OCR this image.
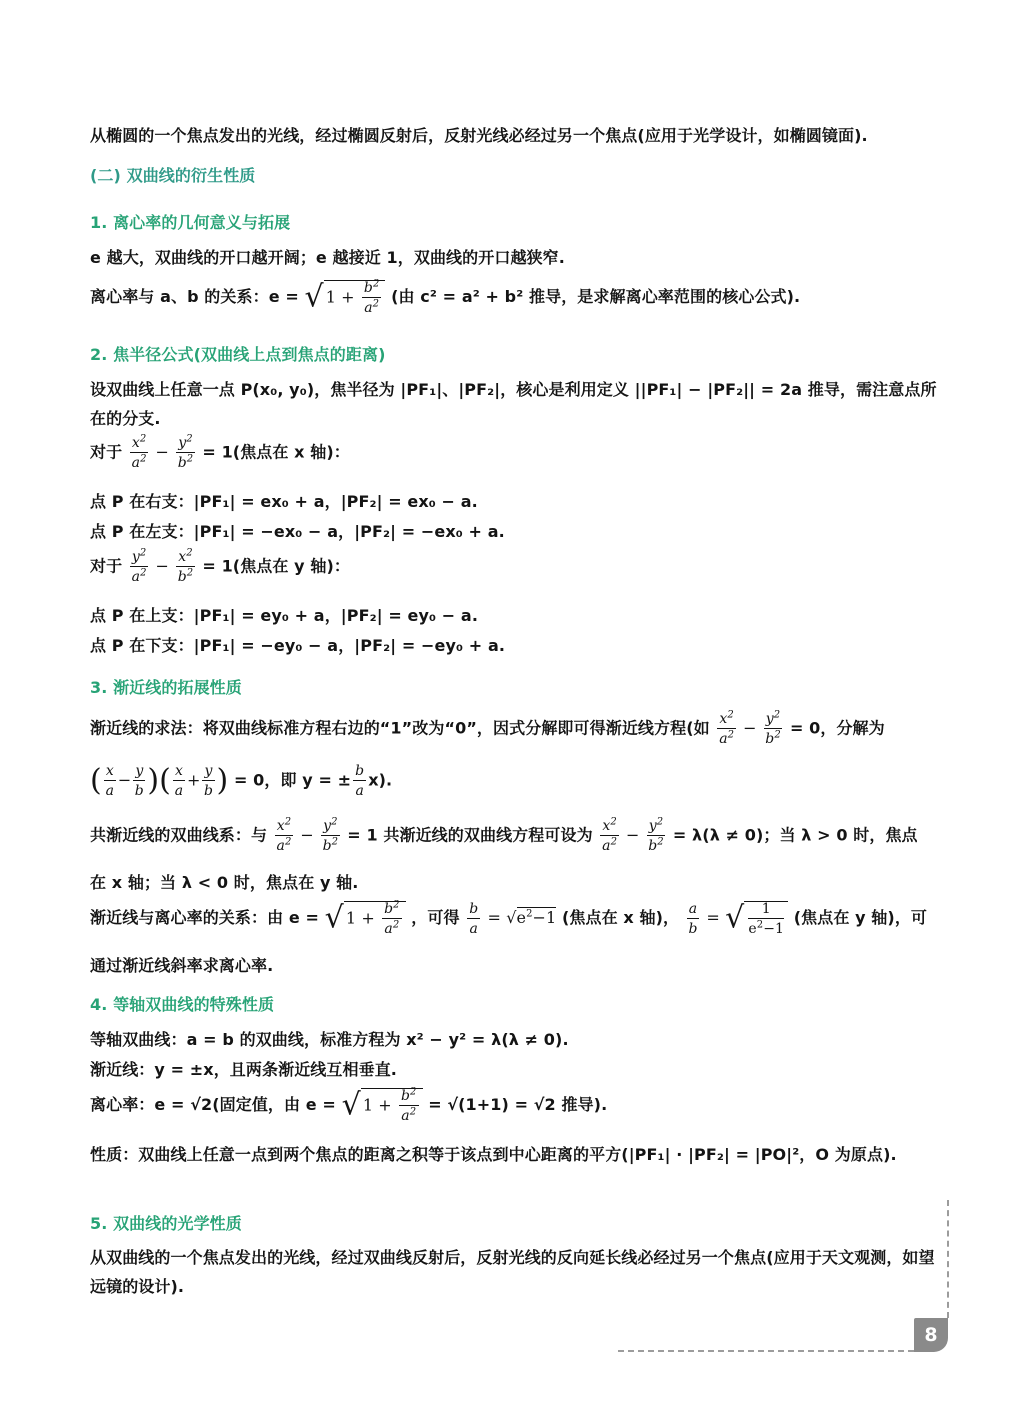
从椭圆的一个焦点发出的光线，经过椭圆反射后，反射光线必经过另一个焦点(应用于光学设计，如椭圆镜面).
(二) 双曲线的衍生性质
1. 离心率的几何意义与拓展
e 越大，双曲线的开口越开阔；e 越接近 1，双曲线的开口越狭窄.
离心率与 a、b 的关系：e = √ $1 + \frac{b^2}{a^2}$ (由 c² = a² + b² 推导，是求解离心率范围的核心公式).
2. 焦半径公式(双曲线上点到焦点的距离)
设双曲线上任意一点 P(x₀, y₀)，焦半径为 |PF₁|、|PF₂|，核心是利用定义 ||PF₁| − |PF₂|| = 2a 推导，需注意点所在的分支.
对于 $\frac{x^2}{a^2} - \frac{y^2}{b^2} = 1$(焦点在 x 轴)：
点 P 在右支：|PF₁| = ex₀ + a，|PF₂| = ex₀ − a.
点 P 在左支：|PF₁| = −ex₀ − a，|PF₂| = −ex₀ + a.
对于 $\frac{y^2}{a^2} - \frac{x^2}{b^2} = 1$(焦点在 y 轴)：
点 P 在上支：|PF₁| = ey₀ + a，|PF₂| = ey₀ − a.
点 P 在下支：|PF₁| = −ey₀ − a，|PF₂| = −ey₀ + a.
3. 渐近线的拓展性质
渐近线的求法：将双曲线标准方程右边的“1”改为“0”，因式分解即可得渐近线方程(如 $\frac{x^2}{a^2} - \frac{y^2}{b^2} = 0$，分解为
( $\frac{x}{a} - \frac{y}{b}$ )( $\frac{x}{a} + \frac{y}{b}$ ) = 0，即 y = ± $\frac{b}{a} x$).
共渐近线的双曲线系：与 $\frac{x^2}{a^2} - \frac{y^2}{b^2} = 1$ 共渐近线的双曲线方程可设为 $\frac{x^2}{a^2} - \frac{y^2}{b^2} = \lambda(\lambda \ne 0)$；当 λ > 0 时，焦点
在 x 轴；当 λ < 0 时，焦点在 y 轴.
渐近线与离心率的关系：由 e = √ $1 + \frac{b^2}{a^2}$ ，可得 $\frac{b}{a} = √e^2-1$ (焦点在 x 轴)， $\frac{a}{b}$ = √ $\frac{1}{e^2-1}$ (焦点在 y 轴)，可
通过渐近线斜率求离心率.
4. 等轴双曲线的特殊性质
等轴双曲线：a = b 的双曲线，标准方程为 x² − y² = λ(λ ≠ 0).
渐近线：y = ±x，且两条渐近线互相垂直.
离心率：e = √2(固定值，由 e = √ $1 + \frac{b^2}{a^2} = √(1+1) = √2$ 推导).
性质：双曲线上任意一点到两个焦点的距离之积等于该点到中心距离的平方(|PF₁| · |PF₂| = |PO|²，O 为原点).
5. 双曲线的光学性质
从双曲线的一个焦点发出的光线，经过双曲线反射后，反射光线的反向延长线必经过另一个焦点(应用于天文观测，如望远镜的设计).
8
